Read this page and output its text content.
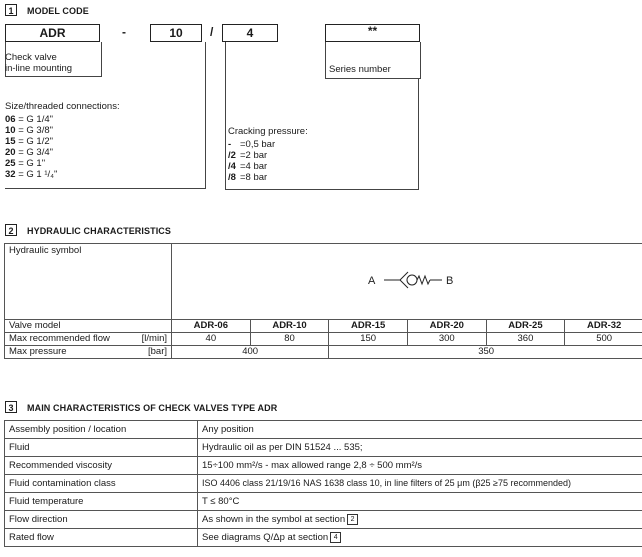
1	MODEL CODE
ADR	-	10	/	4	**
Check valve
in-line mounting	Series number
Size/threaded connections:
06 = G 1/4"
10 = G 3/8"
15 = G 1/2"
20 = G 3/4"
25 = G 1"
32 = G 1 ¹/₄"
Cracking pressure:
- =0,5 bar
/2 =2 bar
/4 =4 bar
/8 =8 bar
2	HYDRAULIC CHARACTERISTICS
Hydraulic symbol	A B					

Valve model	ADR-06	ADR-10	ADR-15	ADR-20	ADR-25	ADR-32
Max recommended flow [l/min]	40	80	150	300	360	500
Max pressure [bar]	400		350			
3	MAIN CHARACTERISTICS OF CHECK VALVES TYPE ADR
Assembly position / location	Any position
Fluid	Hydraulic oil as per DIN 51524 ... 535;
Recommended viscosity	15÷100 mm²/s - max allowed range 2,8 ÷ 500 mm²/s
Fluid contamination class	ISO 4406 class 21/19/16 NAS 1638 class 10, in line filters of 25 μm (β25 ≥75 recommended)
Fluid temperature	T ≤ 80°C
Flow direction	As shown in the symbol at section 2
Rated flow	See diagrams Q/Δp at section 4
